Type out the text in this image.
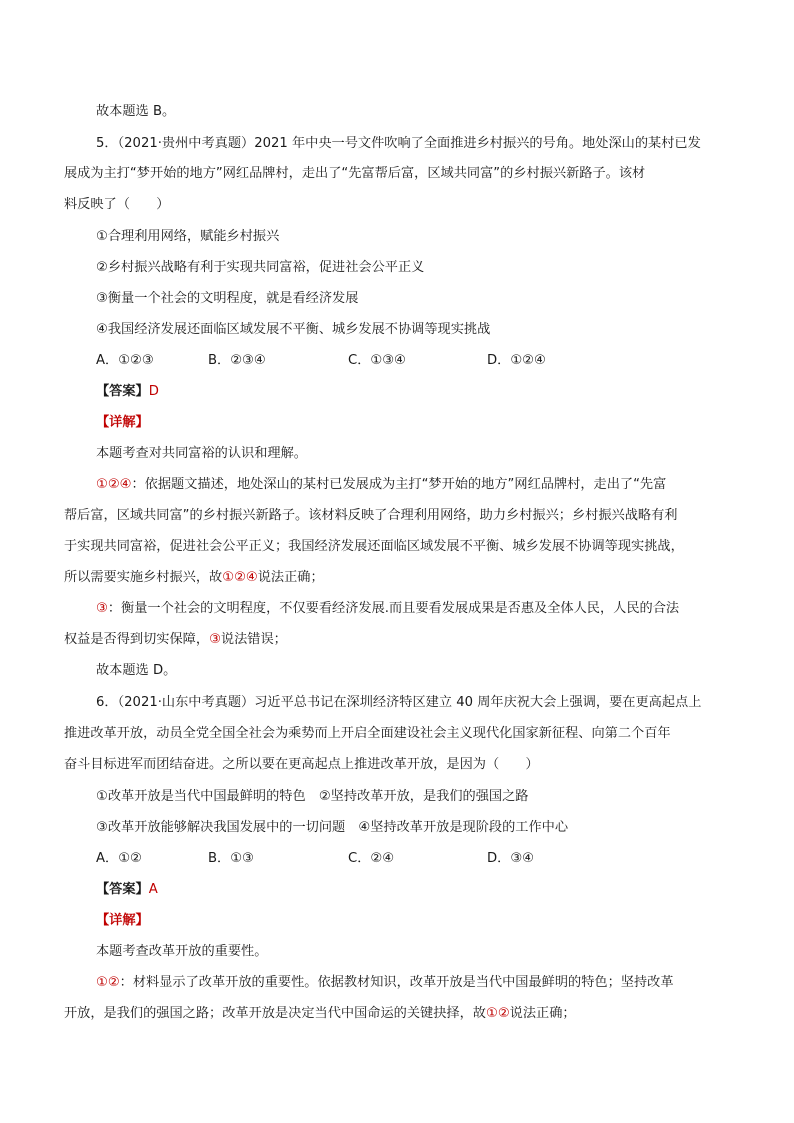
故本题选 B。
5．（2021·贵州中考真题）2021 年中央一号文件吹响了全面推进乡村振兴的号角。地处深山的某村已发
展成为主打“梦开始的地方”网红品牌村，走出了“先富帮后富，区域共同富”的乡村振兴新路子。该材
料反映了（　　）
①合理利用网络，赋能乡村振兴
②乡村振兴战略有利于实现共同富裕，促进社会公平正义
③衡量一个社会的文明程度，就是看经济发展
④我国经济发展还面临区域发展不平衡、城乡发展不协调等现实挑战
A．①②③	B．②③④	C．①③④	D．①②④
【答案】D
【详解】
本题考查对共同富裕的认识和理解。
①②④：依据题文描述，地处深山的某村已发展成为主打“梦开始的地方”网红品牌村，走出了“先富
帮后富，区域共同富”的乡村振兴新路子。该材料反映了合理利用网络，助力乡村振兴；乡村振兴战略有利
于实现共同富裕，促进社会公平正义；我国经济发展还面临区域发展不平衡、城乡发展不协调等现实挑战，
所以需要实施乡村振兴，故①②④说法正确；
③：衡量一个社会的文明程度，不仅要看经济发展.而且要看发展成果是否惠及全体人民，人民的合法
权益是否得到切实保障，③说法错误；
故本题选 D。
6．（2021·山东中考真题）习近平总书记在深圳经济特区建立 40 周年庆祝大会上强调，要在更高起点上
推进改革开放，动员全党全国全社会为乘势而上开启全面建设社会主义现代化国家新征程、向第二个百年
奋斗目标进军而团结奋进。之所以要在更高起点上推进改革开放，是因为（　　）
①改革开放是当代中国最鲜明的特色　②坚持改革开放，是我们的强国之路
③改革开放能够解决我国发展中的一切问题　④坚持改革开放是现阶段的工作中心
A．①②	B．①③	C．②④	D．③④
【答案】A
【详解】
本题考查改革开放的重要性。
①②：材料显示了改革开放的重要性。依据教材知识，改革开放是当代中国最鲜明的特色；坚持改革
开放，是我们的强国之路；改革开放是决定当代中国命运的关键抉择，故①②说法正确；
